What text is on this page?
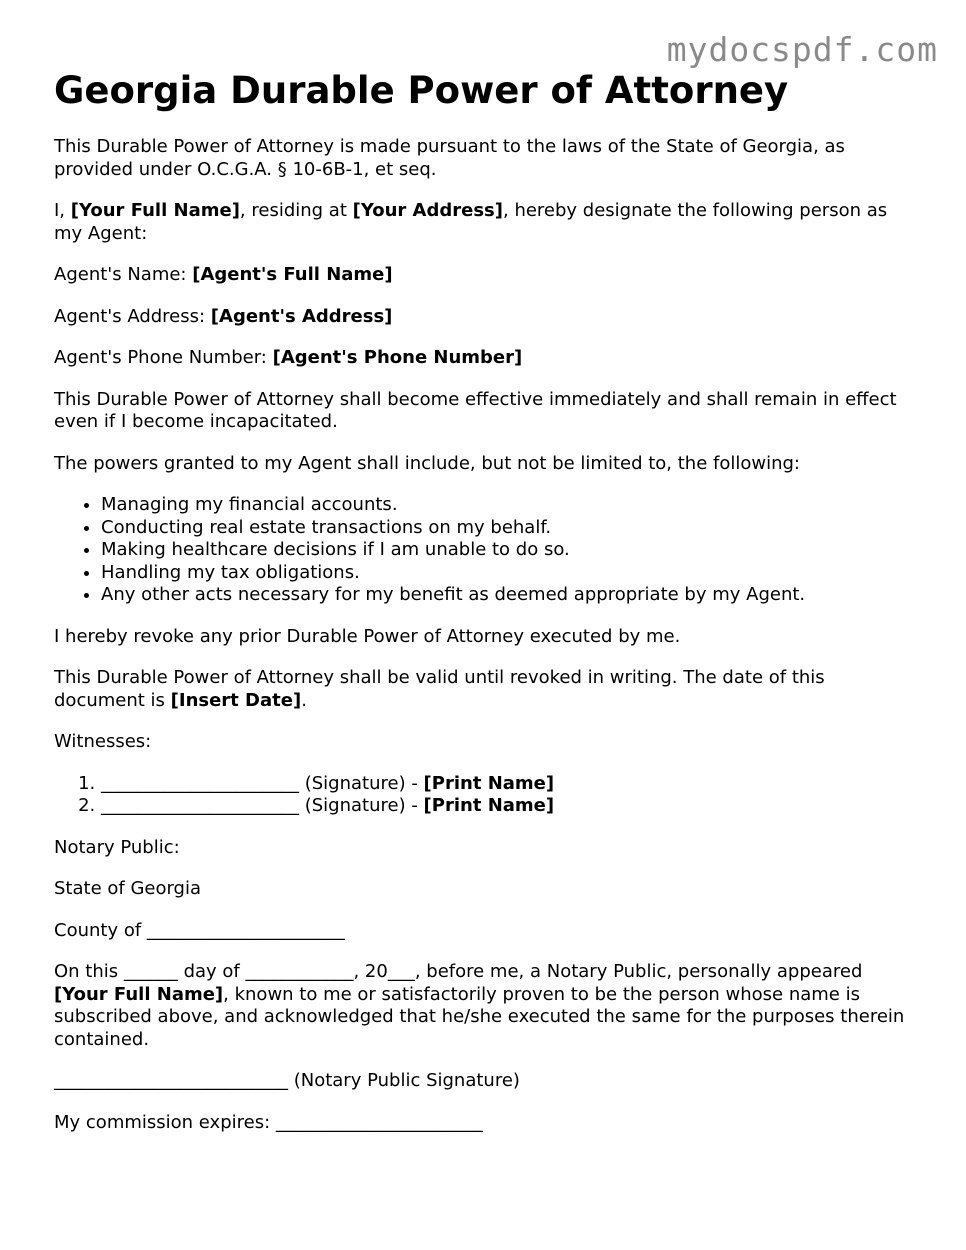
mydocspdf.com
Georgia Durable Power of Attorney

This Durable Power of Attorney is made pursuant to the laws of the State of Georgia, as provided under O.C.G.A. § 10-6B-1, et seq.

I, [Your Full Name], residing at [Your Address], hereby designate the following person as my Agent:

Agent's Name: [Agent's Full Name]

Agent's Address: [Agent's Address]

Agent's Phone Number: [Agent's Phone Number]

This Durable Power of Attorney shall become effective immediately and shall remain in effect even if I become incapacitated.

The powers granted to my Agent shall include, but not be limited to, the following:

• Managing my financial accounts.
• Conducting real estate transactions on my behalf.
• Making healthcare decisions if I am unable to do so.
• Handling my tax obligations.
• Any other acts necessary for my benefit as deemed appropriate by my Agent.

I hereby revoke any prior Durable Power of Attorney executed by me.

This Durable Power of Attorney shall be valid until revoked in writing. The date of this document is [Insert Date].

Witnesses:

1. ______________________ (Signature) - [Print Name]
2. ______________________ (Signature) - [Print Name]

Notary Public:

State of Georgia

County of ______________________

On this ______ day of ____________, 20___, before me, a Notary Public, personally appeared [Your Full Name], known to me or satisfactorily proven to be the person whose name is subscribed above, and acknowledged that he/she executed the same for the purposes therein contained.

__________________________ (Notary Public Signature)

My commission expires: _______________________
